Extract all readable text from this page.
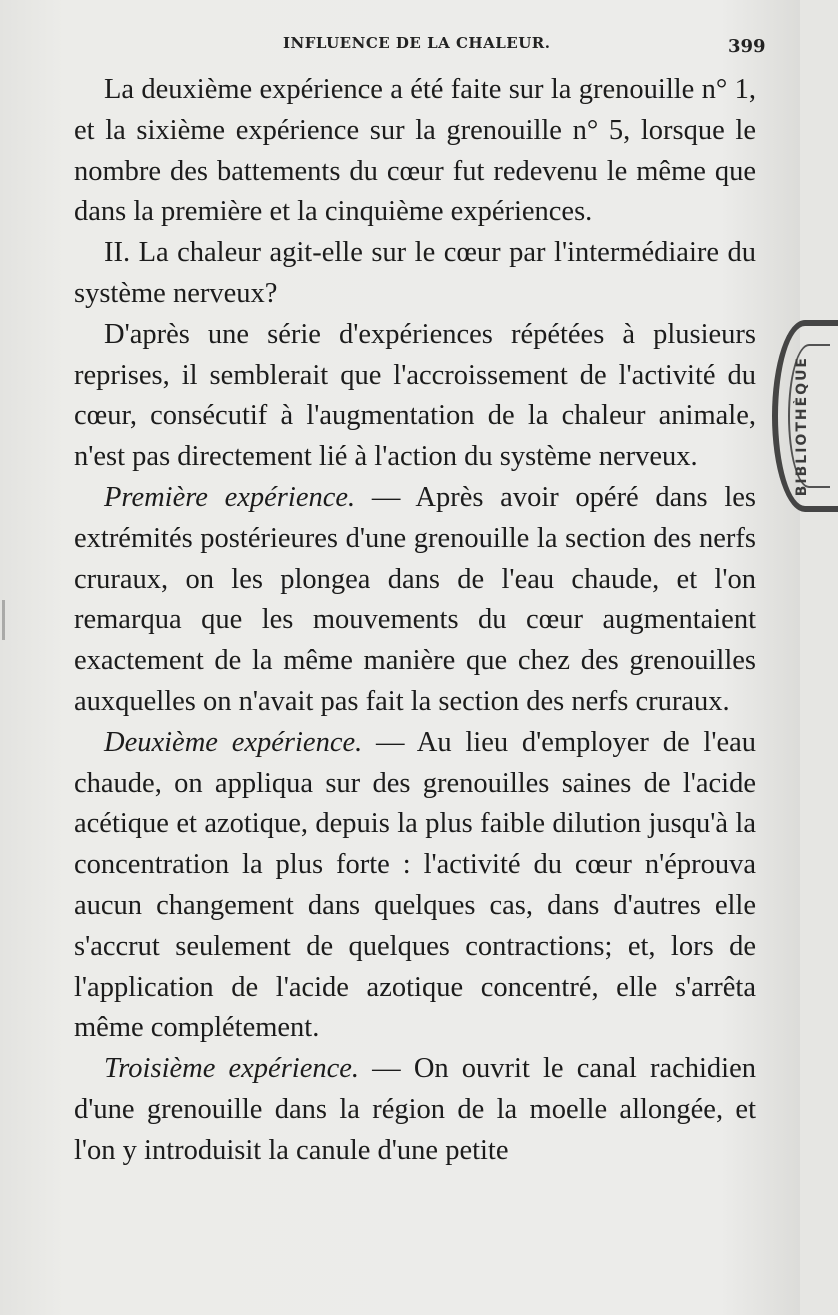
INFLUENCE DE LA CHALEUR.	399

La deuxième expérience a été faite sur la grenouille n° 1, et la sixième expérience sur la grenouille n° 5, lorsque le nombre des battements du cœur fut redevenu le même que dans la première et la cinquième expériences.

II. La chaleur agit-elle sur le cœur par l'intermédiaire du système nerveux?

D'après une série d'expériences répétées à plusieurs reprises, il semblerait que l'accroissement de l'activité du cœur, consécutif à l'augmentation de la chaleur animale, n'est pas directement lié à l'action du système nerveux.

Première expérience. — Après avoir opéré dans les extrémités postérieures d'une grenouille la section des nerfs cruraux, on les plongea dans de l'eau chaude, et l'on remarqua que les mouvements du cœur augmentaient exactement de la même manière que chez des grenouilles auxquelles on n'avait pas fait la section des nerfs cruraux.

Deuxième expérience. — Au lieu d'employer de l'eau chaude, on appliqua sur des grenouilles saines de l'acide acétique et azotique, depuis la plus faible dilution jusqu'à la concentration la plus forte : l'activité du cœur n'éprouva aucun changement dans quelques cas, dans d'autres elle s'accrut seulement de quelques contractions; et, lors de l'application de l'acide azotique concentré, elle s'arrêta même complétement.

Troisième expérience. — On ouvrit le canal rachidien d'une grenouille dans la région de la moelle allongée, et l'on y introduisit la canule d'une petite

BIBLIOTHÈQUE
